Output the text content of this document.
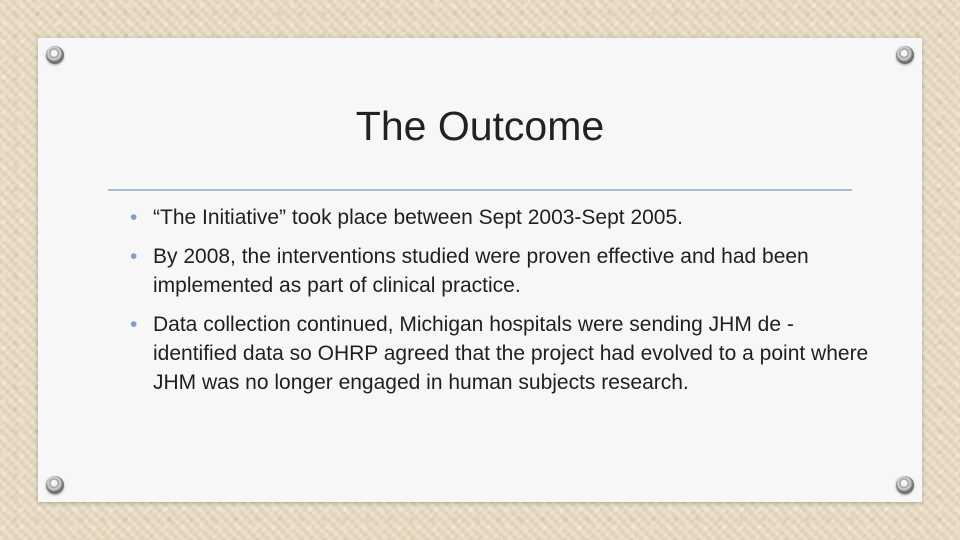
The Outcome
• “The Initiative” took place between Sept 2003-Sept 2005.
• By 2008, the interventions studied were proven effective and had been implemented as part of clinical practice.
• Data collection continued, Michigan hospitals were sending JHM de -identified data so OHRP agreed that the project had evolved to a point where JHM was no longer engaged in human subjects research.
